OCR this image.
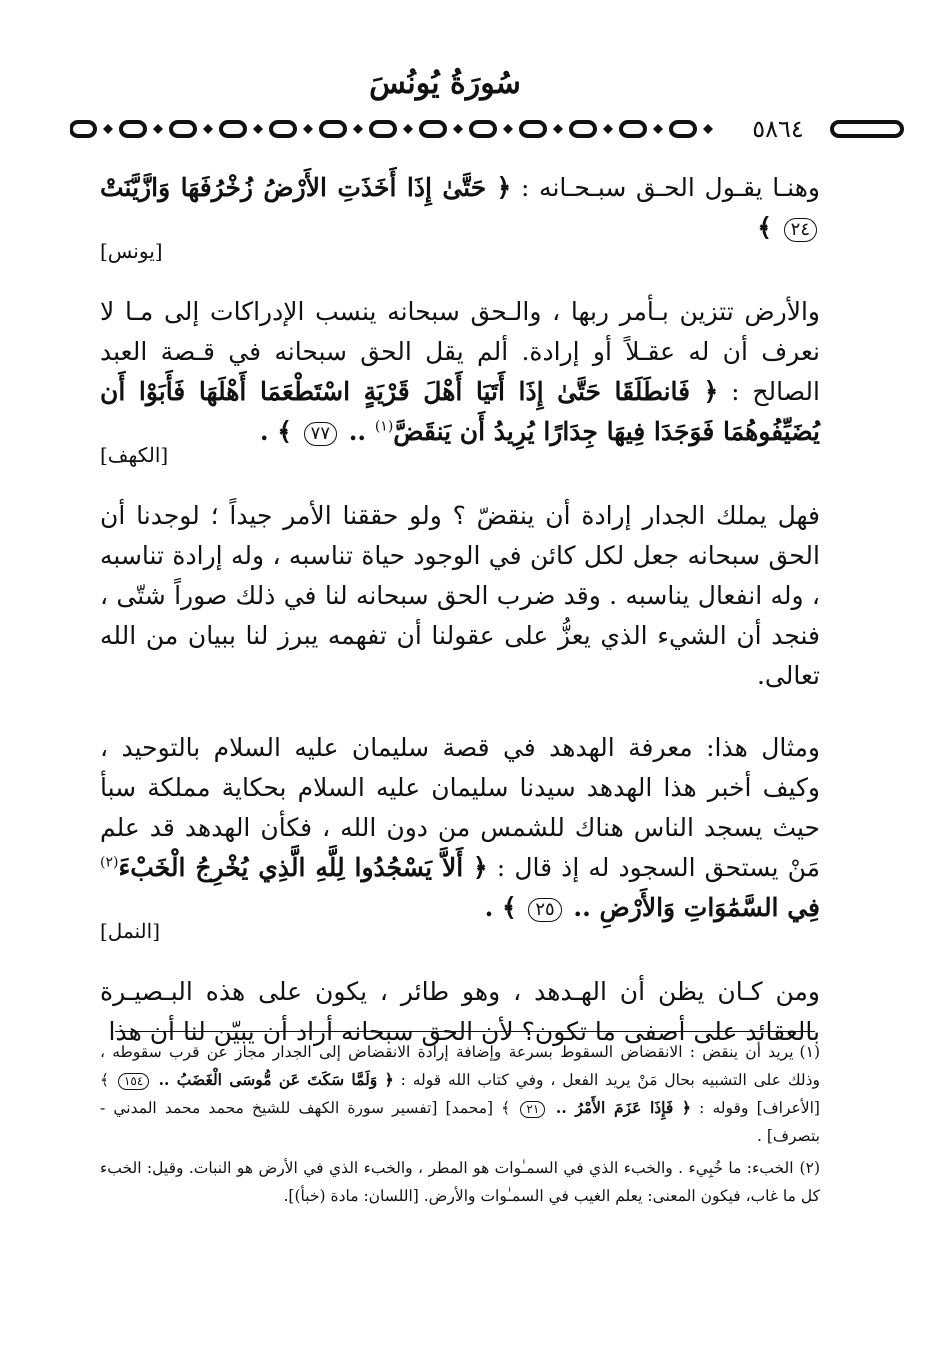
سُورَةُ يُونُسَ
٥٨٦٤

وهنـا يقـول الحـق سبـحـانه : ﴿ حَتَّىٰ إِذَا أَخَذَتِ الأَرْضُ زُخْرُفَهَا وَازَّيَّنَتْ٢٤ ﴾

[يونس]

والأرض تتزين بـأمر ربها ، والـحق سبحانه ينسب الإدراكات إلى مـا لا نعرف أن له عقـلاً أو إرادة. ألم يقل الحق سبحانه في قـصة العبد الصالح : ﴿ فَانطَلَقَا حَتَّىٰ إِذَا أَتَيَا أَهْلَ قَرْيَةٍ اسْتَطْعَمَا أَهْلَهَا فَأَبَوْا أَن يُضَيِّفُوهُمَا فَوَجَدَا فِيهَا جِدَارًا يُرِيدُ أَن يَنقَضَّ$^{(١)}$ .. ٧٧ ﴾ .

[الكهف]

فهل يملك الجدار إرادة أن ينقضّ ؟ ولو حققنا الأمر جيداً ؛ لوجدنا أن الحق سبحانه جعل لكل كائن في الوجود حياة تناسبه ، وله إرادة تناسبه ، وله انفعال يناسبه . وقد ضرب الحق سبحانه لنا في ذلك صوراً شتّى ، فنجد أن الشيء الذي يعزُّ على عقولنا أن تفهمه يبرز لنا ببيان من الله تعالى.

ومثال هذا: معرفة الهدهد في قصة سليمان عليه السلام بالتوحيد ، وكيف أخبر هذا الهدهد سيدنا سليمان عليه السلام بحكاية مملكة سبأ حيث يسجد الناس هناك للشمس من دون الله ، فكأن الهدهد قد علم مَنْ يستحق السجود له إذ قال : ﴿ أَلاَّ يَسْجُدُوا لِلَّهِ الَّذِي يُخْرِجُ الْخَبْءَ$^{(٢)}$ فِي السَّمَٰوَاتِ وَالأَرْضِ .. ٢٥ ﴾ .

[النمل]

ومن كـان يظن أن الهـدهد ، وهو طائر ، يكون على هذه البـصيـرة بالعقائد على أصفى ما تكون؟ لأن الحق سبحانه أراد أن يبيّن لنا أن هذا

(١)يريد أن ينقض : الانقضاض السقوط بسرعة وإضافة إرادة الانقضاض إلى الجدار مجاز عن قرب سقوطه ، وذلك على التشبيه بحال مَنْ يريد الفعل ، وفي كتاب الله قوله : ﴿ وَلَمَّا سَكَتَ عَن مُّوسَى الْغَضَبُ .. ١٥٤ ﴾ [الأعراف] وقوله : ﴿ فَإِذَا عَزَمَ الأَمْرُ .. ٢١ ﴾ [محمد] [تفسير سورة الكهف للشيخ محمد محمد المدني - بتصرف] .

(٢)الخبء: ما خُبِيء . والخبء الذي في السمـٰوات هو المطر ، والخبء الذي في الأرض هو النبات. وقيل: الخبء كل ما غاب، فيكون المعنى: يعلم الغيب في السمـٰوات والأرض. [اللسان: مادة (خبأ)].
